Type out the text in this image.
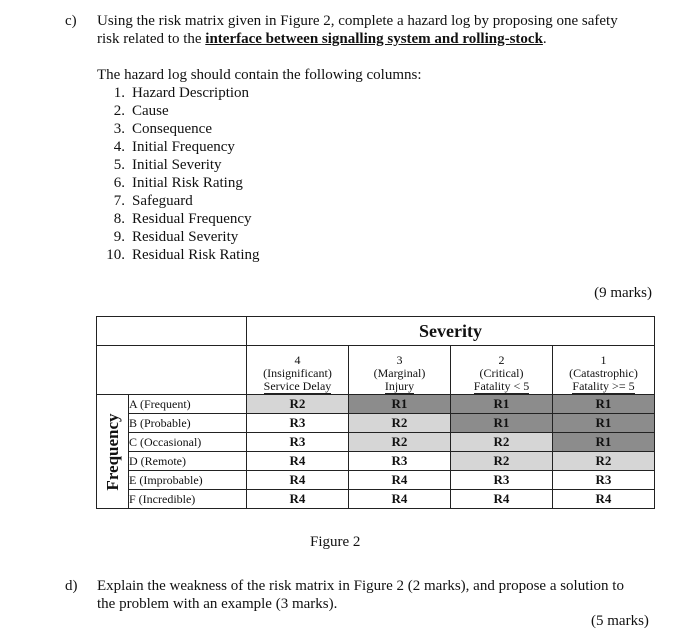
c) Using the risk matrix given in Figure 2, complete a hazard log by proposing one safety
risk related to the interface between signalling system and rolling-stock.
The hazard log should contain the following columns:
1. Hazard Description
2. Cause
3. Consequence
4. Initial Frequency
5. Initial Severity
6. Initial Risk Rating
7. Safeguard
8. Residual Frequency
9. Residual Severity
10. Residual Risk Rating
(9 marks)
		Severity			

		4
(Insignificant)
Service Delay	3
(Marginal)
Injury	2
(Critical)
Fatality < 5	1
(Catastrophic)
Fatality >= 5

Frequency	A (Frequent)	R2	R1	R1	R1
	B (Probable)	R3	R2	R1	R1
	C (Occasional)	R3	R2	R2	R1
	D (Remote)	R4	R3	R2	R2
	E (Improbable)	R4	R4	R3	R3
	F (Incredible)	R4	R4	R4	R4
Figure 2
d) Explain the weakness of the risk matrix in Figure 2 (2 marks), and propose a solution to
the problem with an example (3 marks).
(5 marks)
